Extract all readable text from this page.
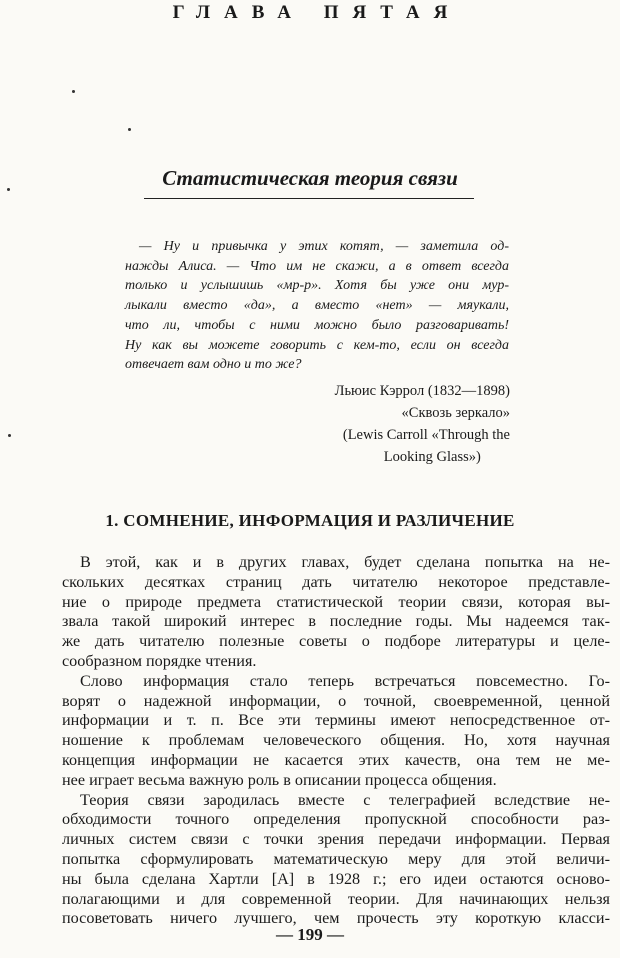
ГЛАВА ПЯТАЯ
Статистическая теория связи
— Ну и привычка у этих котят, — заметила од-
нажды Алиса. — Что им не скажи, а в ответ всегда
только и услышишь «мр-р». Хотя бы уже они мур-
лыкали вместо «да», а вместо «нет» — мяукали,
что ли, чтобы с ними можно было разговаривать!
Ну как вы можете говорить с кем-то, если он всегда
отвечает вам одно и то же?
Льюис Кэррол (1832—1898)
«Сквозь зеркало»
(Lewis Carroll «Through the
Looking Glass»)
1. СОМНЕНИЕ, ИНФОРМАЦИЯ И РАЗЛИЧЕНИЕ
В этой, как и в других главах, будет сделана попытка на не-
скольких десятках страниц дать читателю некоторое представле-
ние о природе предмета статистической теории связи, которая вы-
звала такой широкий интерес в последние годы. Мы надеемся так-
же дать читателю полезные советы о подборе литературы и целе-
сообразном порядке чтения.
Слово информация стало теперь встречаться повсеместно. Го-
ворят о надежной информации, о точной, своевременной, ценной
информации и т. п. Все эти термины имеют непосредственное от-
ношение к проблемам человеческого общения. Но, хотя научная
концепция информации не касается этих качеств, она тем не ме-
нее играет весьма важную роль в описании процесса общения.
Теория связи зародилась вместе с телеграфией вследствие не-
обходимости точного определения пропускной способности раз-
личных систем связи с точки зрения передачи информации. Первая
попытка сформулировать математическую меру для этой величи-
ны была сделана Хартли [А] в 1928 г.; его идеи остаются осново-
полагающими и для современной теории. Для начинающих нельзя
посоветовать ничего лучшего, чем прочесть эту короткую класси-
— 199 —
